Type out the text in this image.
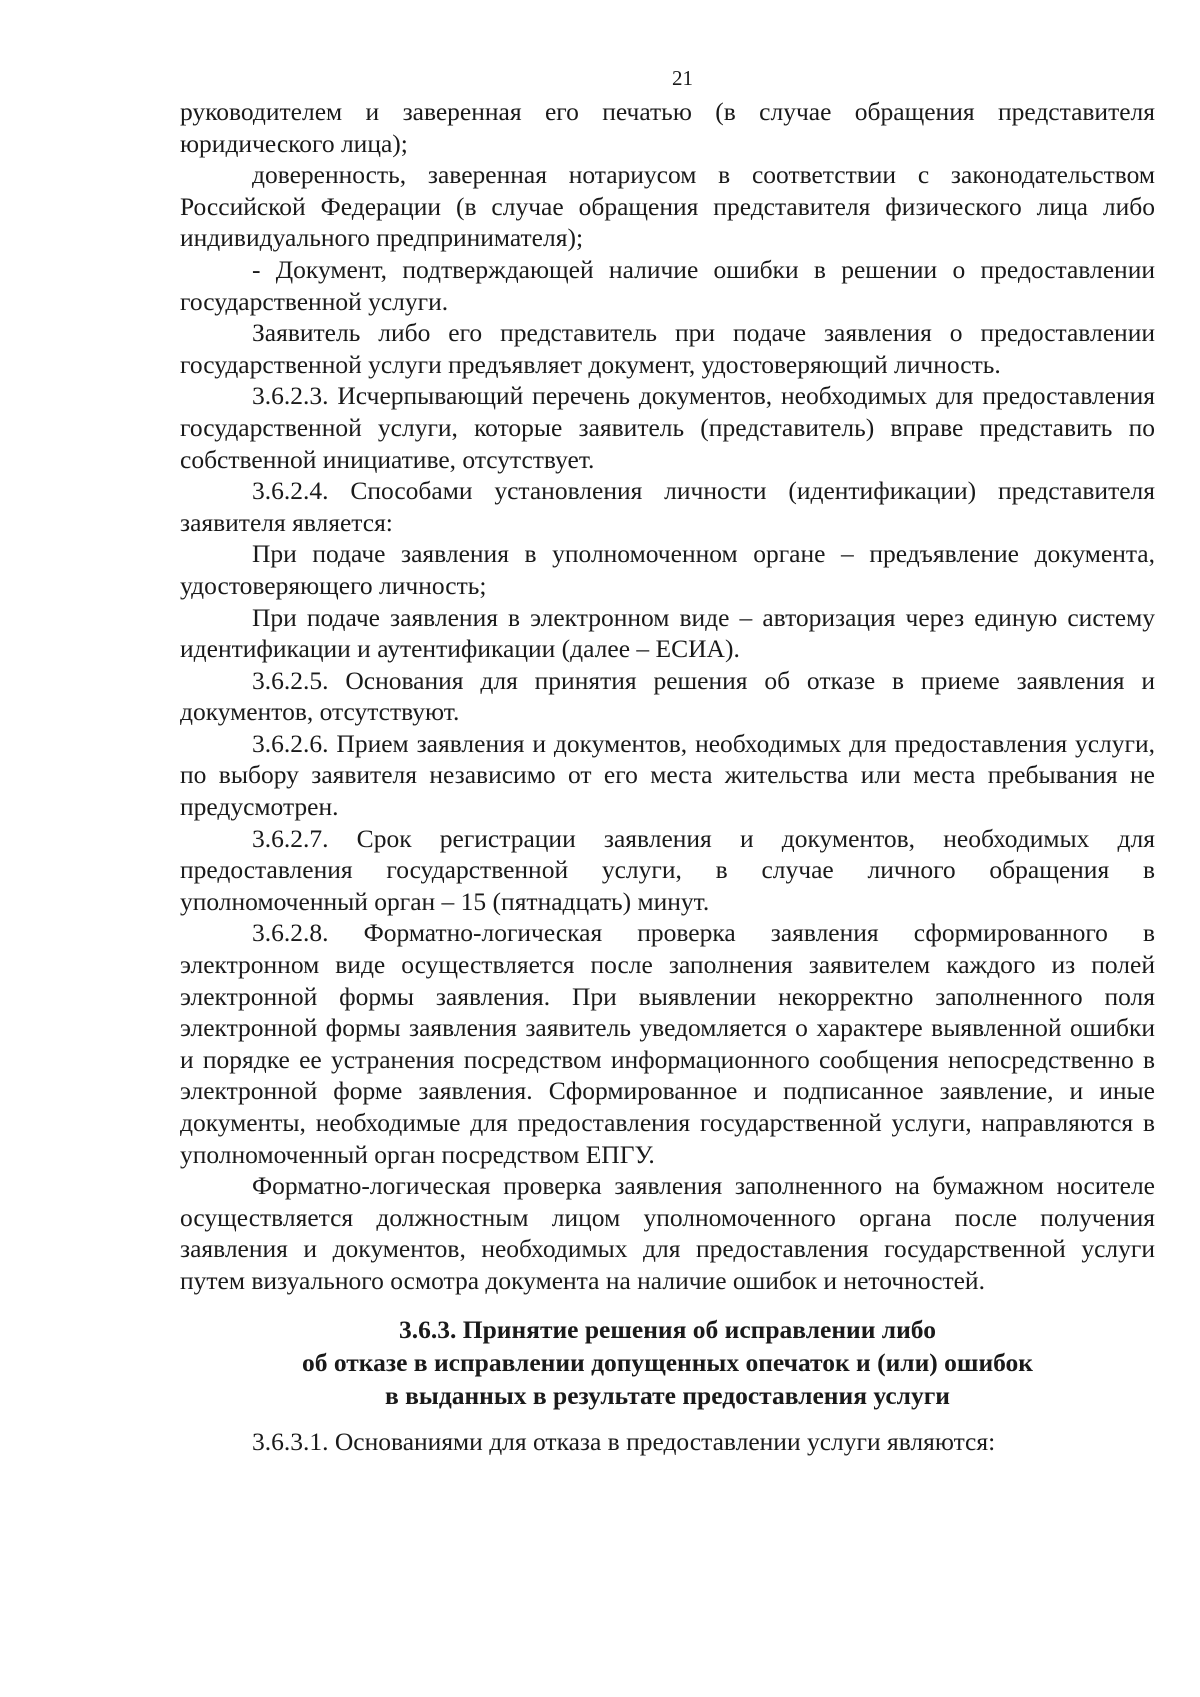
21

руководителем и заверенная его печатью (в случае обращения представителя юридического лица);

доверенность, заверенная нотариусом в соответствии с законодательством Российской Федерации (в случае обращения представителя физического лица либо индивидуального предпринимателя);

- Документ, подтверждающей наличие ошибки в решении о предоставлении государственной услуги.

Заявитель либо его представитель при подаче заявления о предоставлении государственной услуги предъявляет документ, удостоверяющий личность.

3.6.2.3. Исчерпывающий перечень документов, необходимых для предоставления государственной услуги, которые заявитель (представитель) вправе представить по собственной инициативе, отсутствует.

3.6.2.4. Способами установления личности (идентификации) представителя заявителя является:

При подаче заявления в уполномоченном органе – предъявление документа, удостоверяющего личность;

При подаче заявления в электронном виде – авторизация через единую систему идентификации и аутентификации (далее – ЕСИА).

3.6.2.5. Основания для принятия решения об отказе в приеме заявления и документов, отсутствуют.

3.6.2.6. Прием заявления и документов, необходимых для предоставления услуги, по выбору заявителя независимо от его места жительства или места пребывания не предусмотрен.

3.6.2.7. Срок регистрации заявления и документов, необходимых для предоставления государственной услуги, в случае личного обращения в уполномоченный орган – 15 (пятнадцать) минут.

3.6.2.8. Форматно-логическая проверка заявления сформированного в электронном виде осуществляется после заполнения заявителем каждого из полей электронной формы заявления. При выявлении некорректно заполненного поля электронной формы заявления заявитель уведомляется о характере выявленной ошибки и порядке ее устранения посредством информационного сообщения непосредственно в электронной форме заявления. Сформированное и подписанное заявление, и иные документы, необходимые для предоставления государственной услуги, направляются в уполномоченный орган посредством ЕПГУ.

Форматно-логическая проверка заявления заполненного на бумажном носителе осуществляется должностным лицом уполномоченного органа после получения заявления и документов, необходимых для предоставления государственной услуги путем визуального осмотра документа на наличие ошибок и неточностей.

3.6.3. Принятие решения об исправлении либо
об отказе в исправлении допущенных опечаток и (или) ошибок
в выданных в результате предоставления услуги

3.6.3.1. Основаниями для отказа в предоставлении услуги являются:
